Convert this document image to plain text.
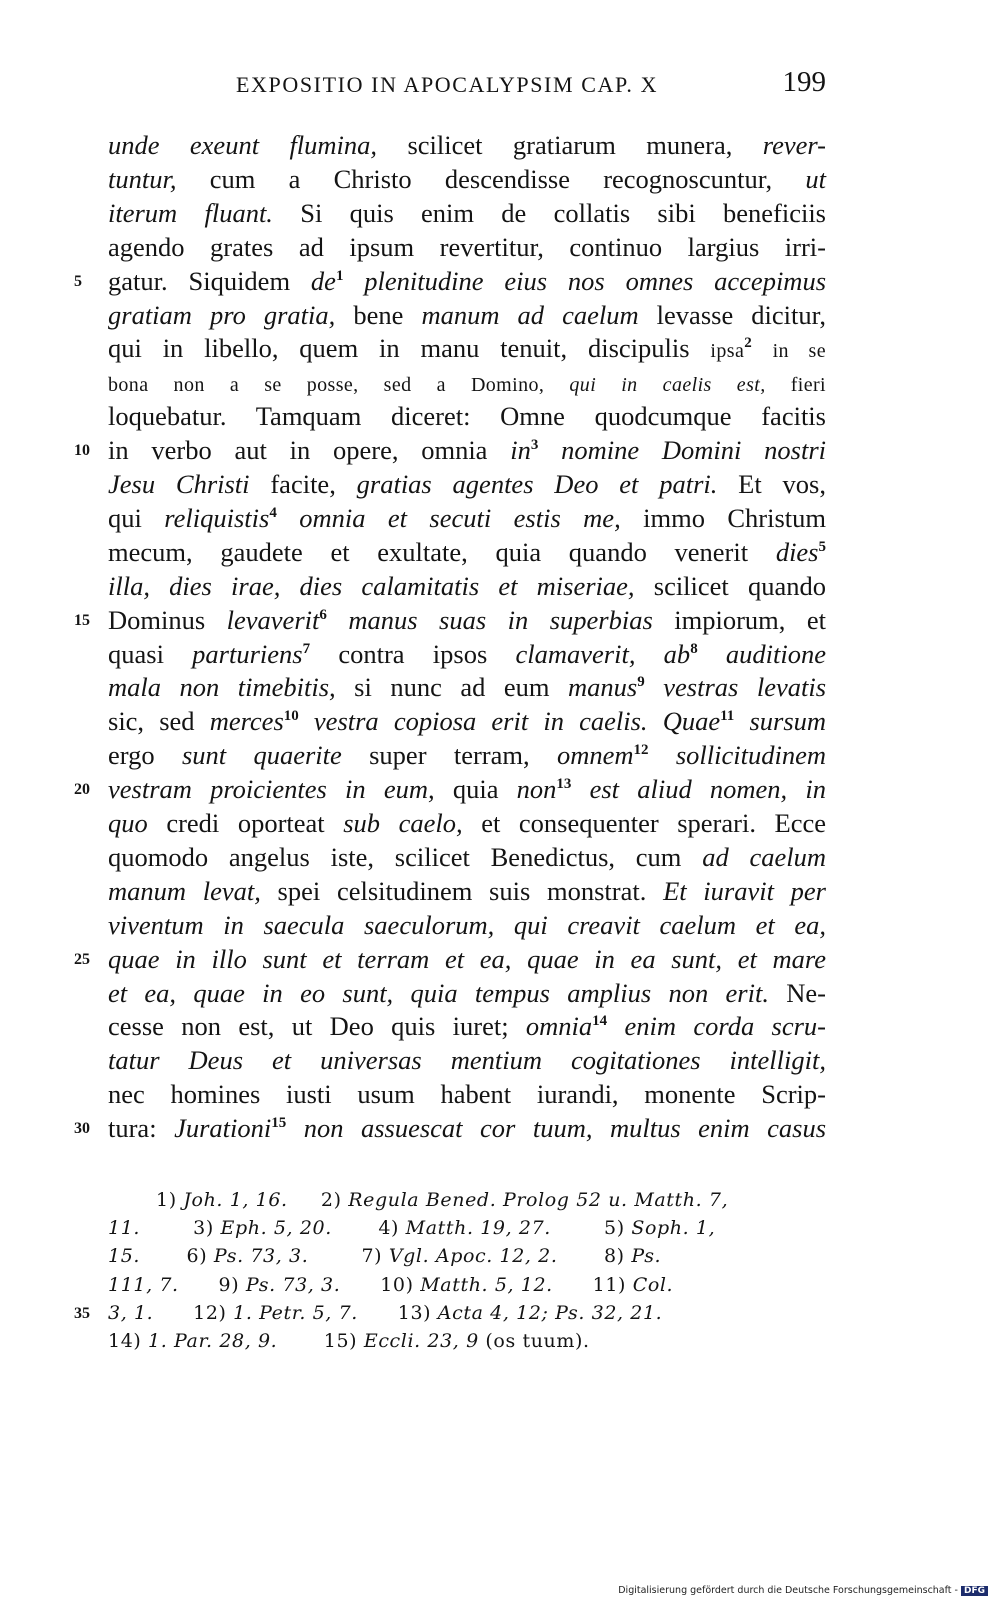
EXPOSITIO IN APOCALYPSIM CAP. X	199
unde exeunt flumina, scilicet gratiarum munera, rever-
tuntur, cum a Christo descendisse recognoscuntur, ut
iterum fluant. Si quis enim de collatis sibi beneficiis
agendo grates ad ipsum revertitur, continuo largius irri-
gatur. Siquidem $de^1$ plenitudine eius nos omnes accepimus
5
gratiam pro gratia, bene manum ad caelum levasse dicitur,
qui in libello, quem in manu tenuit, discipulis ipsa$^2$ in se
bona non a se posse, sed a Domino, qui in caelis est, fieri
loquebatur. Tamquam diceret: Omne quodcumque facitis
in verbo aut in opere, omnia $in^3$ nomine Domini nostri
10
Jesu Christi facite, gratias agentes Deo et patri. Et vos,
qui reliquistis$^4$ omnia et secuti estis me, immo Christum
mecum, gaudete et exultate, quia quando venerit dies$^5$
illa, dies irae, dies calamitatis et miseriae, scilicet quando
Dominus levaverit$^6$ manus suas in superbias impiorum, et
15
quasi parturiens$^7$ contra ipsos clamaverit, $ab^8$ auditione
mala non timebitis, si nunc ad eum manus$^9$ vestras levatis
sic, sed merces$^{10}$ vestra copiosa erit in caelis. Quae$^{11}$ sursum
ergo sunt quaerite super terram, omnem$^{12}$ sollicitudinem
vestram proicientes in eum, quia non$^{13}$ est aliud nomen, in
20
quo credi oporteat sub caelo, et consequenter sperari. Ecce
quomodo angelus iste, scilicet Benedictus, cum ad caelum
manum levat, spei celsitudinem suis monstrat. Et iuravit per
viventum in saecula saeculorum, qui creavit caelum et ea,
quae in illo sunt et terram et ea, quae in ea sunt, et mare
25
et ea, quae in eo sunt, quia tempus amplius non erit. Ne-
cesse non est, ut Deo quis iuret; omnia$^{14}$ enim corda scru-
tatur Deus et universas mentium cogitationes intelligit,
nec homines iusti usum habent iurandi, monente Scrip-
tura: Jurationi$^{15}$ non assuescat cor tuum, multus enim casus
30
1) Joh. 1, 16.     2) Regula Bened. Prolog 52 u. Matth. 7,
11.        3) Eph. 5, 20.       4) Matth. 19, 27.        5) Soph. 1,
15.       6) Ps. 73, 3.        7) Vgl. Apoc. 12, 2.       8) Ps.
111, 7.      9) Ps. 73, 3.      10) Matth. 5, 12.      11) Col.
3, 1.      12) 1. Petr. 5, 7.      13) Acta 4, 12; Ps. 32, 21.
35
14) 1. Par. 28, 9.       15) Eccli. 23, 9 (os tuum).
Digitalisierung gefördert durch die Deutsche Forschungsgemeinschaft - DFG
